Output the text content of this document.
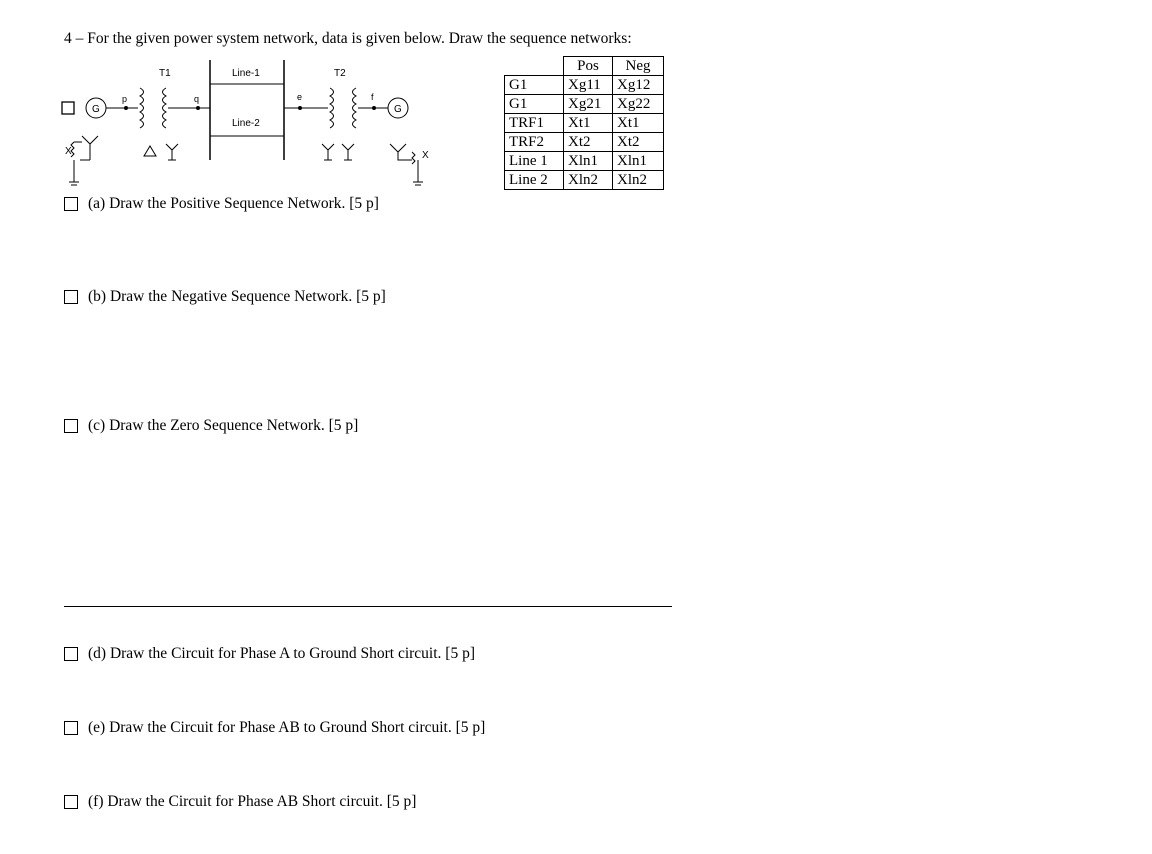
4 – For the given power system network, data is given below. Draw the sequence networks:
T1	T2
Line-1
Line-2
p	q	e	f
G	G
X	X
	Pos	Neg
G1	Xg11	Xg12
G1	Xg21	Xg22
TRF1	Xt1	Xt1
TRF2	Xt2	Xt2
Line 1	Xln1	Xln1
Line 2	Xln2	Xln2
(a) Draw the Positive Sequence Network. [5 p]
(b) Draw the Negative Sequence Network. [5 p]
(c) Draw the Zero Sequence Network. [5 p]
(d) Draw the Circuit for Phase A to Ground Short circuit. [5 p]
(e) Draw the Circuit for Phase AB to Ground Short circuit. [5 p]
(f) Draw the Circuit for Phase AB Short circuit. [5 p]
